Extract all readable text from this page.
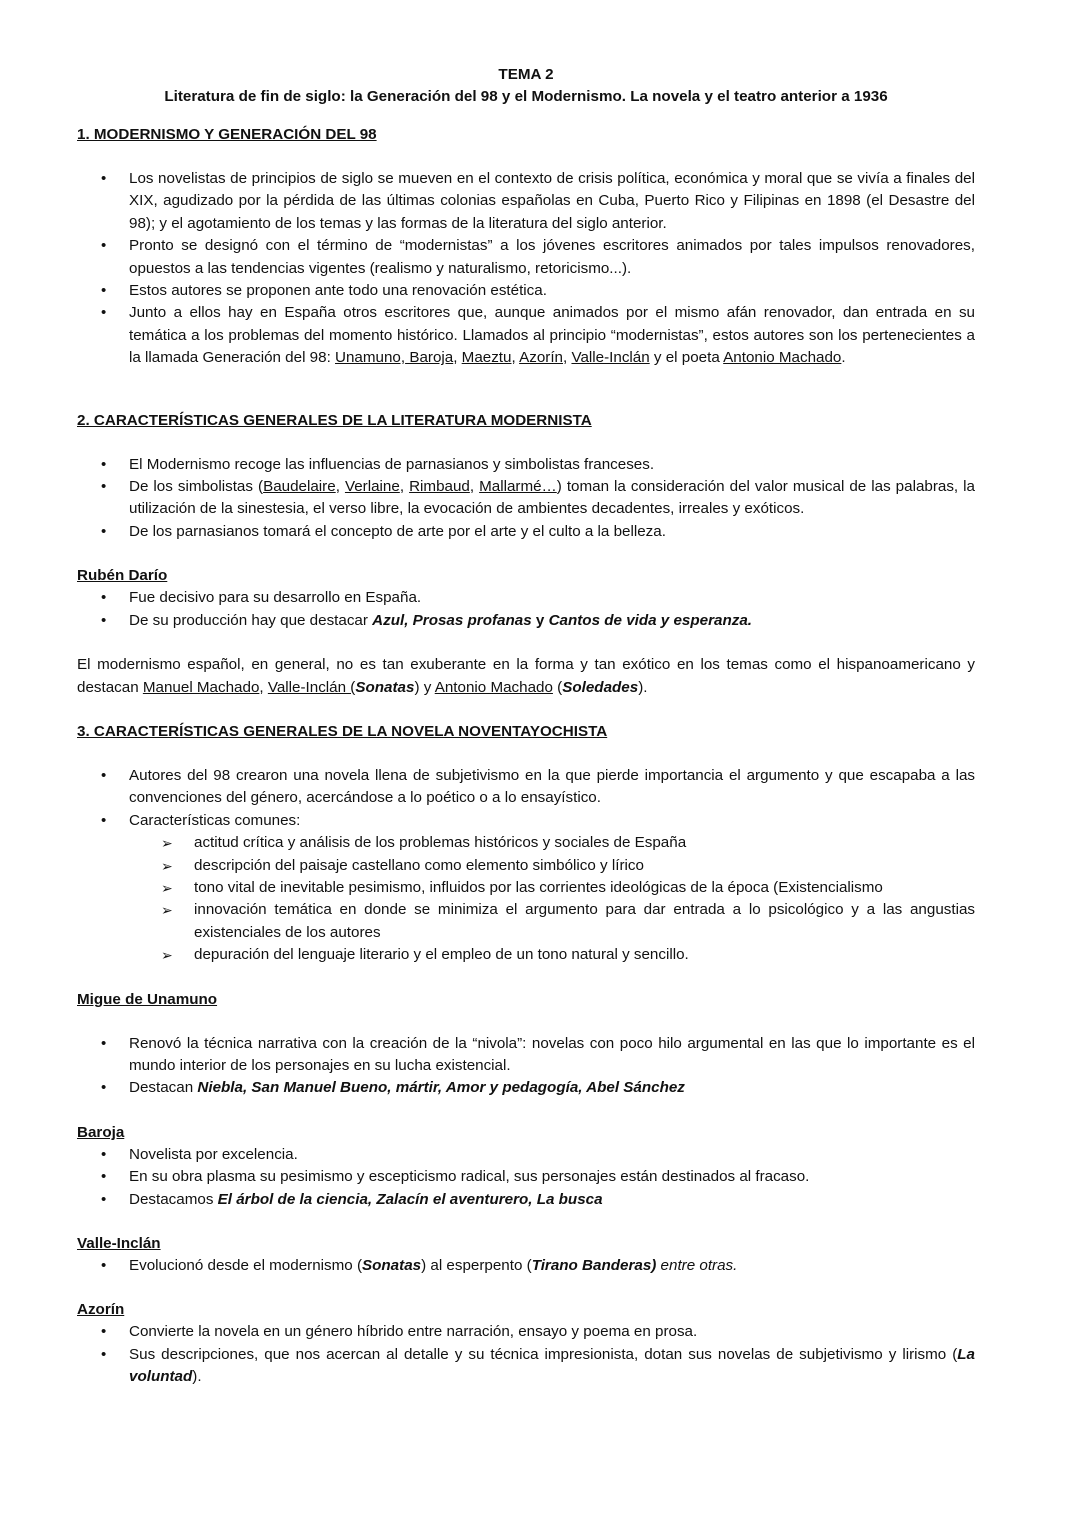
TEMA 2
Literatura de fin de siglo: la Generación del 98 y el Modernismo. La novela y el teatro anterior a 1936
1. MODERNISMO Y GENERACIÓN DEL 98
• Los novelistas de principios de siglo se mueven en el contexto de crisis política, económica y moral que se vivía a finales del XIX, agudizado por la pérdida de las últimas colonias españolas en Cuba, Puerto Rico y Filipinas en 1898 (el Desastre del 98); y el agotamiento de los temas y las formas de la literatura del siglo anterior.
• Pronto se designó con el término de “modernistas” a los jóvenes escritores animados por tales impulsos renovadores, opuestos a las tendencias vigentes (realismo y naturalismo, retoricismo...).
• Estos autores se proponen ante todo una renovación estética.
• Junto a ellos hay en España otros escritores que, aunque animados por el mismo afán renovador, dan entrada en su temática a los problemas del momento histórico. Llamados al principio “modernistas”, estos autores son los pertenecientes a la llamada Generación del 98: Unamuno, Baroja, Maeztu, Azorín, Valle-Inclán y el poeta Antonio Machado.
2. CARACTERÍSTICAS GENERALES DE LA LITERATURA MODERNISTA
• El Modernismo recoge las influencias de parnasianos y simbolistas franceses.
• De los simbolistas (Baudelaire, Verlaine, Rimbaud, Mallarmé…) toman la consideración del valor musical de las palabras, la utilización de la sinestesia, el verso libre, la evocación de ambientes decadentes, irreales y exóticos.
• De los parnasianos tomará el concepto de arte por el arte y el culto a la belleza.
Rubén Darío
• Fue decisivo para su desarrollo en España.
• De su producción hay que destacar Azul, Prosas profanas y Cantos de vida y esperanza.

El modernismo español, en general, no es tan exuberante en la forma y tan exótico en los temas como el hispanoamericano y destacan Manuel Machado, Valle-Inclán (Sonatas) y Antonio Machado (Soledades).

3. CARACTERÍSTICAS GENERALES DE LA NOVELA NOVENTAYOCHISTA
• Autores del 98 crearon una novela llena de subjetivismo en la que pierde importancia el argumento y que escapaba a las convenciones del género, acercándose a lo poético o a lo ensayístico.
• Características comunes:
➢ actitud crítica y análisis de los problemas históricos y sociales de España
➢ descripción del paisaje castellano como elemento simbólico y lírico
➢ tono vital de inevitable pesimismo, influidos por las corrientes ideológicas de la época (Existencialismo
➢ innovación temática en donde se minimiza el argumento para dar entrada a lo psicológico y a las angustias existenciales de los autores
➢ depuración del lenguaje literario y el empleo de un tono natural y sencillo.
Migue de Unamuno
• Renovó la técnica narrativa con la creación de la “nivola”: novelas con poco hilo argumental en las que lo importante es el mundo interior de los personajes en su lucha existencial.
• Destacan Niebla, San Manuel Bueno, mártir, Amor y pedagogía, Abel Sánchez
Baroja
• Novelista por excelencia.
• En su obra plasma su pesimismo y escepticismo radical, sus personajes están destinados al fracaso.
• Destacamos El árbol de la ciencia, Zalacín el aventurero, La busca
Valle-Inclán
• Evolucionó desde el modernismo (Sonatas) al esperpento (Tirano Banderas) entre otras.
Azorín
• Convierte la novela en un género híbrido entre narración, ensayo y poema en prosa.
• Sus descripciones, que nos acercan al detalle y su técnica impresionista, dotan sus novelas de subjetivismo y lirismo (La voluntad).
